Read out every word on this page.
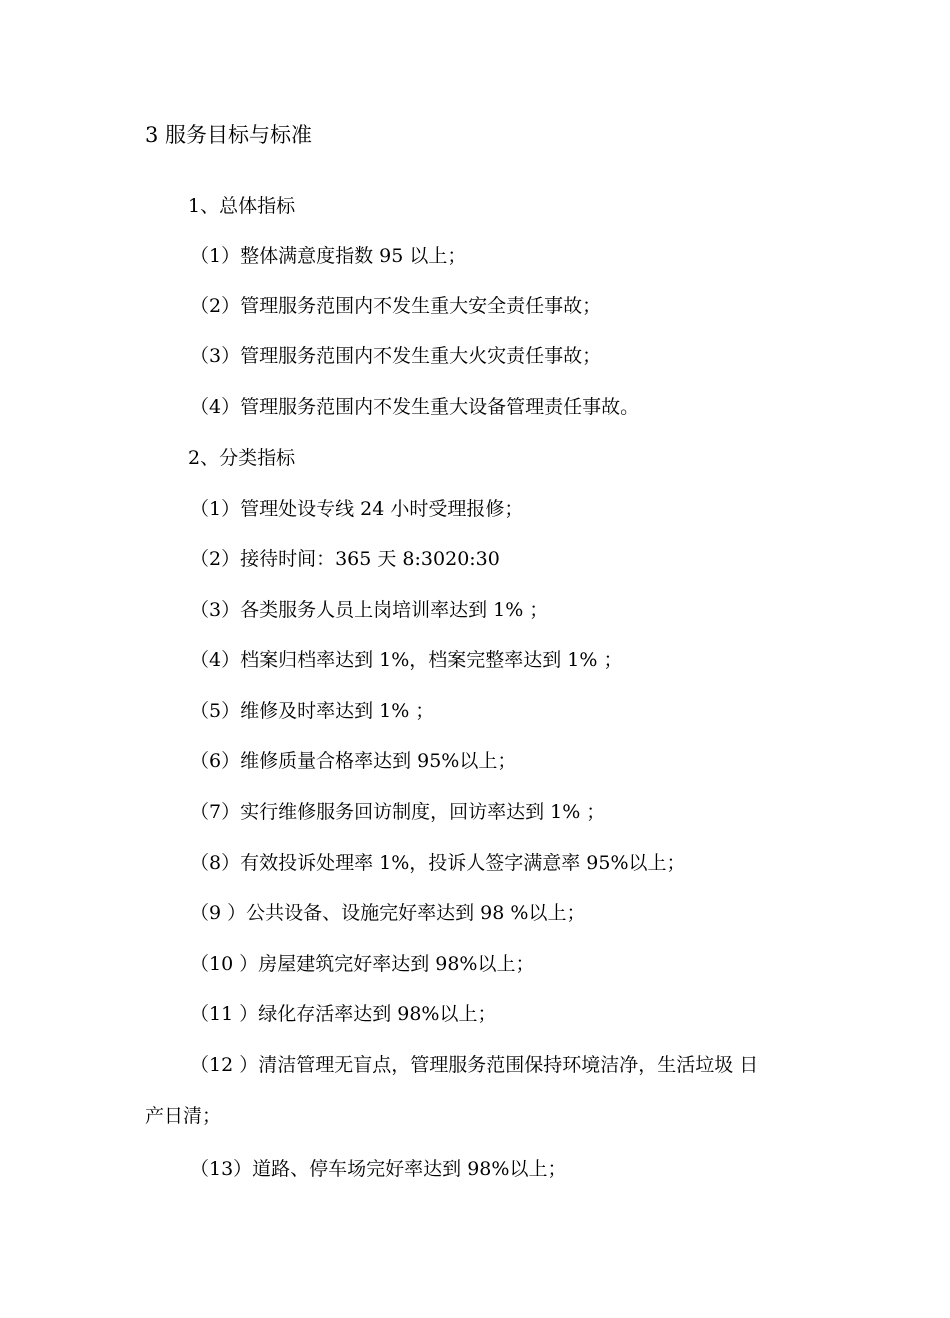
3 服务目标与标准
1、总体指标
（1）整体满意度指数 95 以上；
（2）管理服务范围内不发生重大安全责任事故；
（3）管理服务范围内不发生重大火灾责任事故；
（4）管理服务范围内不发生重大设备管理责任事故。
2、分类指标
（1）管理处设专线 24 小时受理报修；
（2）接待时间：365 天 8:3020:30
（3）各类服务人员上岗培训率达到 1% ；
（4）档案归档率达到 1%，档案完整率达到 1% ；
（5）维修及时率达到 1% ；
（6）维修质量合格率达到 95%以上；
（7）实行维修服务回访制度，回访率达到 1% ；
（8）有效投诉处理率 1%，投诉人签字满意率 95%以上；
（9 ）公共设备、设施完好率达到 98 %以上；
（10 ）房屋建筑完好率达到 98%以上；
（11 ）绿化存活率达到 98%以上；
（12 ）清洁管理无盲点，管理服务范围保持环境洁净，生活垃圾 日
产日清；
（13）道路、停车场完好率达到 98%以上；
